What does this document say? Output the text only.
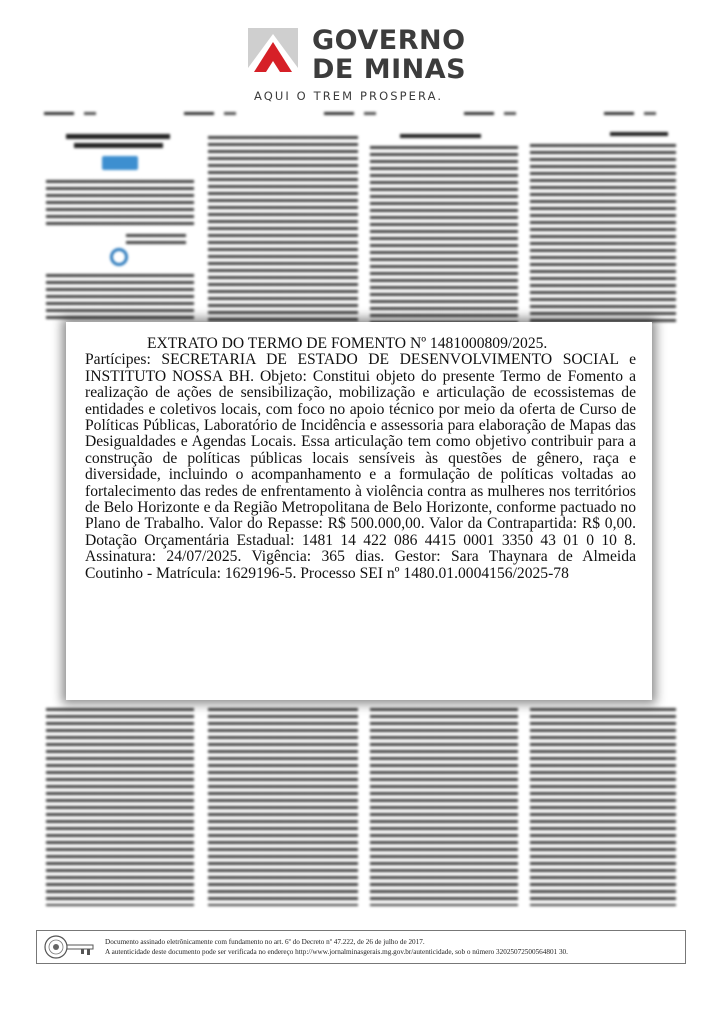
GOVERNO
DE MINAS
AQUI O TREM PROSPERA.

EXTRATO DO TERMO DE FOMENTO Nº 1481000809/2025.

Partícipes: SECRETARIA DE ESTADO DE DESENVOLVIMENTO SOCIAL e INSTITUTO NOSSA BH. Objeto: Constitui objeto do presente Termo de Fomento a realização de ações de sensibilização, mobilização e articulação de ecossistemas de entidades e coletivos locais, com foco no apoio técnico por meio da oferta de Curso de Políticas Públicas, Laboratório de Incidência e assessoria para elaboração de Mapas das Desigualdades e Agendas Locais. Essa articulação tem como objetivo contribuir para a construção de políticas públicas locais sensíveis às questões de gênero, raça e diversidade, incluindo o acompanhamento e a formulação de políticas voltadas ao fortalecimento das redes de enfrentamento à violência contra as mulheres nos territórios de Belo Horizonte e da Região Metropolitana de Belo Horizonte, conforme pactuado no Plano de Trabalho. Valor do Repasse: R$ 500.000,00. Valor da Contrapartida: R$ 0,00. Dotação Orçamentária Estadual: 1481 14 422 086 4415 0001 3350 43 01 0 10 8. Assinatura: 24/07/2025. Vigência: 365 dias. Gestor: Sara Thaynara de Almeida Coutinho - Matrícula: 1629196-5. Processo SEI nº 1480.01.0004156/2025-78

Documento assinado eletrônicamente com fundamento no art. 6º do Decreto nº 47.222, de 26 de julho de 2017.
A autenticidade deste documento pode ser verificada no endereço http://www.jornalminasgerais.mg.gov.br/autenticidade, sob o número 32025072500564801 30.
